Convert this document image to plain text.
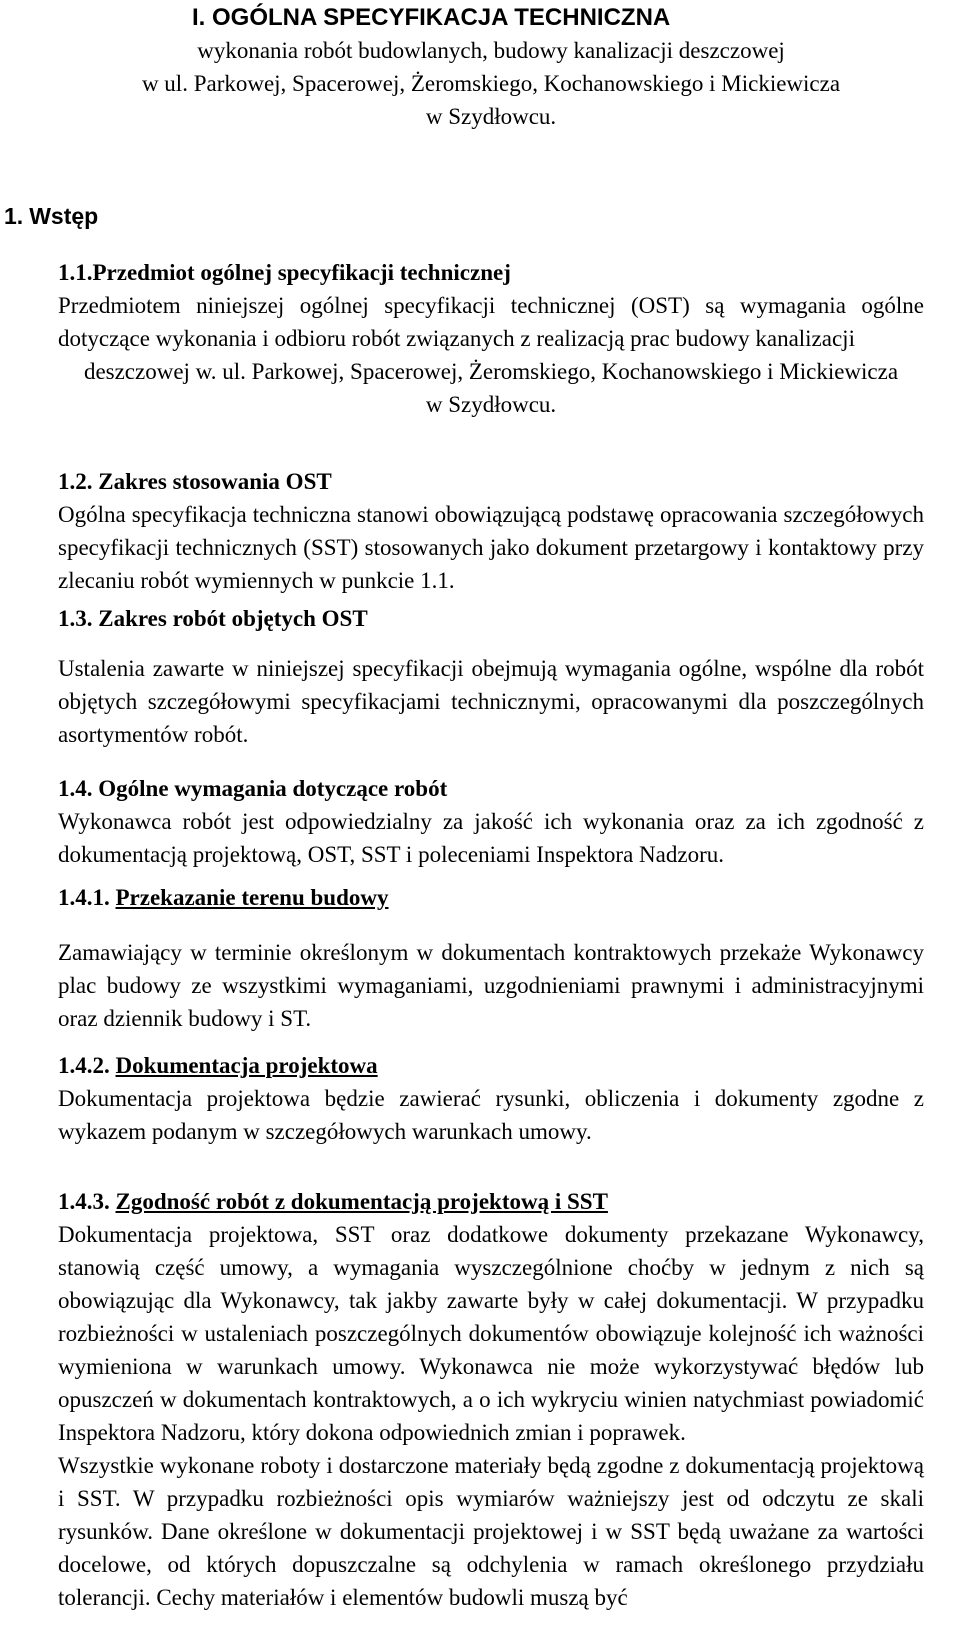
I. OGÓLNA SPECYFIKACJA TECHNICZNA
wykonania robót budowlanych, budowy kanalizacji deszczowej
w ul. Parkowej, Spacerowej, Żeromskiego, Kochanowskiego i Mickiewicza
w Szydłowcu.
1. Wstęp
1.1.Przedmiot ogólnej specyfikacji technicznej
Przedmiotem niniejszej ogólnej specyfikacji technicznej (OST) są wymagania ogólne dotyczące wykonania i odbioru robót związanych z realizacją prac budowy kanalizacji
deszczowej w. ul. Parkowej, Spacerowej, Żeromskiego, Kochanowskiego i Mickiewicza
w Szydłowcu.
1.2. Zakres stosowania OST
Ogólna specyfikacja techniczna stanowi obowiązującą podstawę opracowania szczegółowych specyfikacji technicznych (SST) stosowanych jako dokument przetargowy i kontaktowy przy zlecaniu robót wymiennych w punkcie 1.1.
1.3. Zakres robót objętych OST
Ustalenia zawarte w niniejszej specyfikacji obejmują wymagania ogólne, wspólne dla robót objętych szczegółowymi specyfikacjami technicznymi, opracowanymi dla poszczególnych asortymentów robót.
1.4. Ogólne wymagania dotyczące robót
Wykonawca robót jest odpowiedzialny za jakość ich wykonania oraz za ich zgodność z dokumentacją projektową, OST, SST i poleceniami Inspektora Nadzoru.
1.4.1. Przekazanie terenu budowy
Zamawiający w terminie określonym w dokumentach kontraktowych przekaże Wykonawcy plac budowy ze wszystkimi wymaganiami, uzgodnieniami prawnymi i administracyjnymi oraz dziennik budowy i ST.
1.4.2. Dokumentacja projektowa
Dokumentacja projektowa będzie zawierać rysunki, obliczenia i dokumenty zgodne z wykazem podanym w szczegółowych warunkach umowy.
1.4.3. Zgodność robót z dokumentacją projektową i SST
Dokumentacja projektowa, SST oraz dodatkowe dokumenty przekazane Wykonawcy, stanowią część umowy, a wymagania wyszczególnione choćby w jednym z nich są obowiązując dla Wykonawcy, tak jakby zawarte były w całej dokumentacji. W przypadku rozbieżności w ustaleniach poszczególnych dokumentów obowiązuje kolejność ich ważności wymieniona w warunkach umowy. Wykonawca nie może wykorzystywać błędów lub opuszczeń w dokumentach kontraktowych, a o ich wykryciu winien natychmiast powiadomić Inspektora Nadzoru, który dokona odpowiednich zmian i poprawek.
Wszystkie wykonane roboty i dostarczone materiały będą zgodne z dokumentacją projektową i SST. W przypadku rozbieżności opis wymiarów ważniejszy jest od odczytu ze skali rysunków. Dane określone w dokumentacji projektowej i w SST będą uważane za wartości docelowe, od których dopuszczalne są odchylenia w ramach określonego przydziału tolerancji. Cechy materiałów i elementów budowli muszą być
